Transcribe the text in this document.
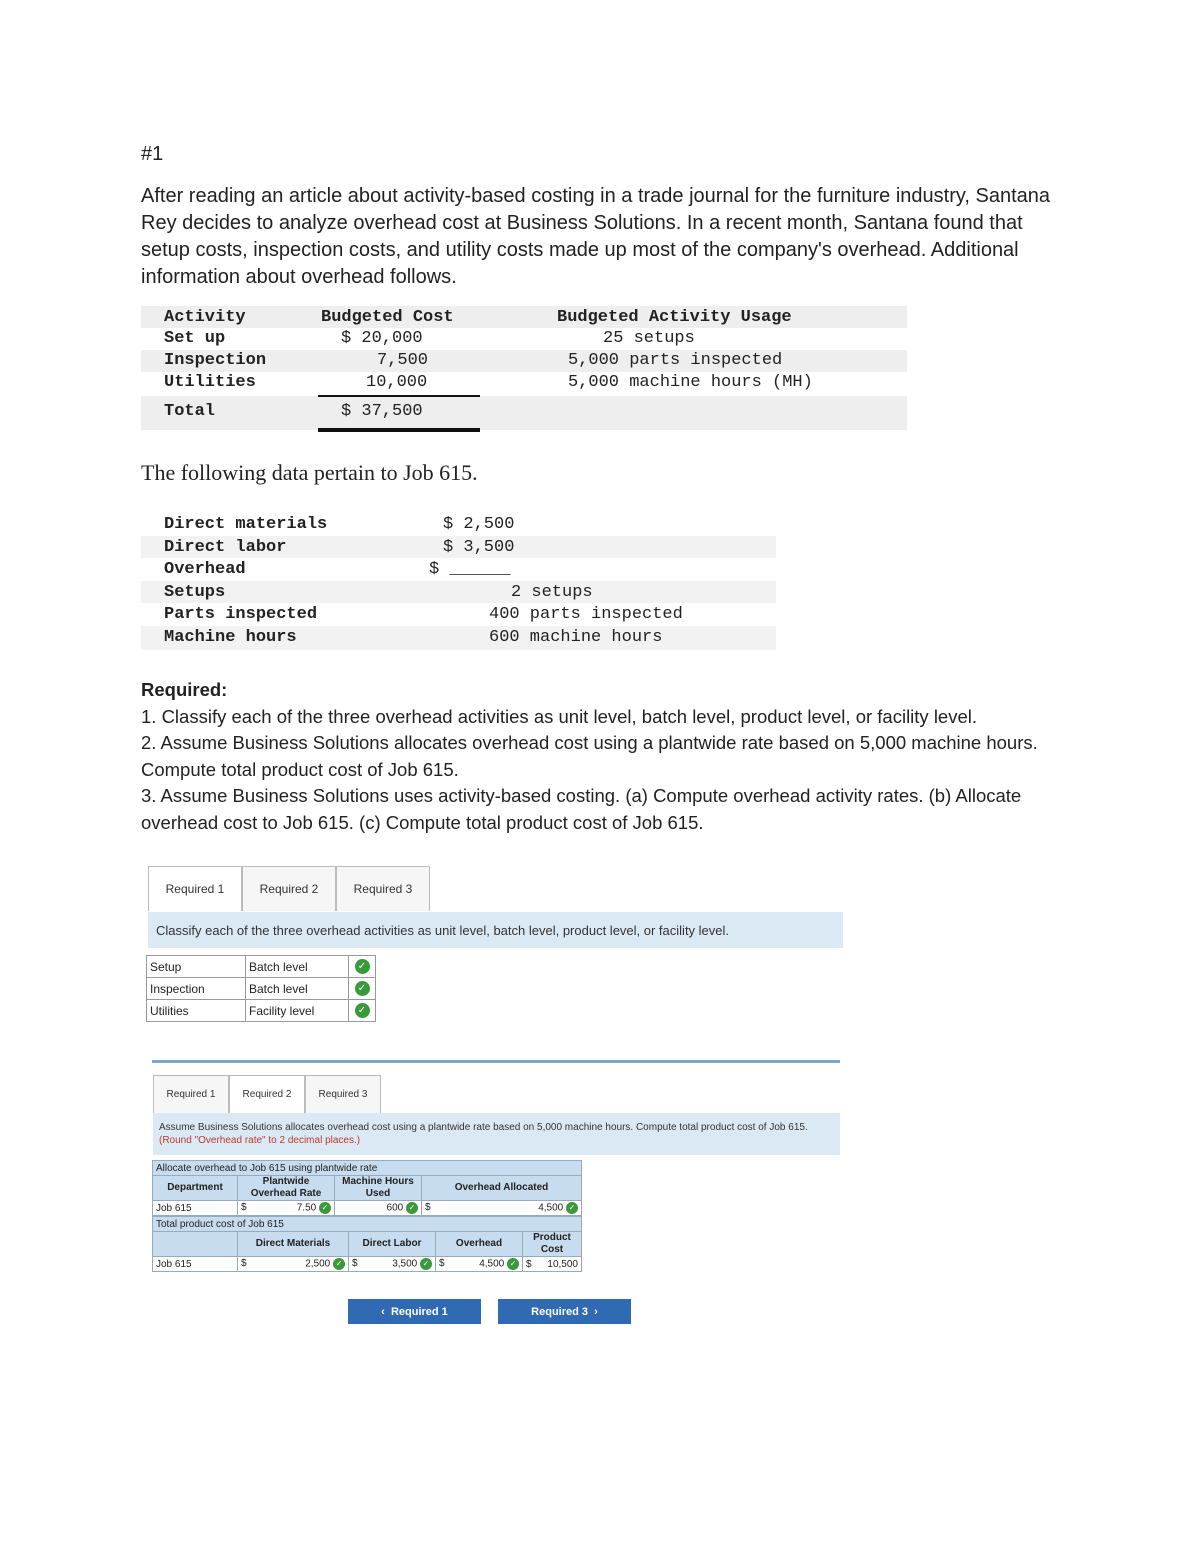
#1
After reading an article about activity-based costing in a trade journal for the furniture industry, Santana Rey decides to analyze overhead cost at Business Solutions. In a recent month, Santana found that setup costs, inspection costs, and utility costs made up most of the company's overhead. Additional information about overhead follows.
Activity	Budgeted Cost	Budgeted Activity Usage
Set up	$ 20,000	25 setups
Inspection	7,500	5,000 parts inspected
Utilities	10,000	5,000 machine hours (MH)
Total	$ 37,500
The following data pertain to Job 615.
Direct materials	$ 2,500
Direct labor	$ 3,500
Overhead	$ ______
Setups	2 setups
Parts inspected	400 parts inspected
Machine hours	600 machine hours

Required:

1. Classify each of the three overhead activities as unit level, batch level, product level, or facility level.

2. Assume Business Solutions allocates overhead cost using a plantwide rate based on 5,000 machine hours. Compute total product cost of Job 615.

3. Assume Business Solutions uses activity-based costing. (a) Compute overhead activity rates. (b) Allocate overhead cost to Job 615. (c) Compute total product cost of Job 615.

Required 1	Required 2	Required 3
Classify each of the three overhead activities as unit level, batch level, product level, or facility level.
Setup	Batch level	✓
Inspection	Batch level	✓
Utilities	Facility level	✓
Required 1	Required 2	Required 3
Assume Business Solutions allocates overhead cost using a plantwide rate based on 5,000 machine hours. Compute total product cost of Job 615. (Round "Overhead rate" to 2 decimal places.)
Allocate overhead to Job 615 using plantwide rate			
Department	Plantwide Overhead Rate	Machine Hours Used	Overhead Allocated
Job 615	$ 7.50 ✓	600 ✓	$ 4,500 ✓
Total product cost of Job 615				
	Direct Materials	Direct Labor	Overhead	Product Cost
Job 615	$ 2,500 ✓	$ 3,500 ✓	$ 4,500 ✓	$ 10,500
‹ Required 1	Required 3 ›
